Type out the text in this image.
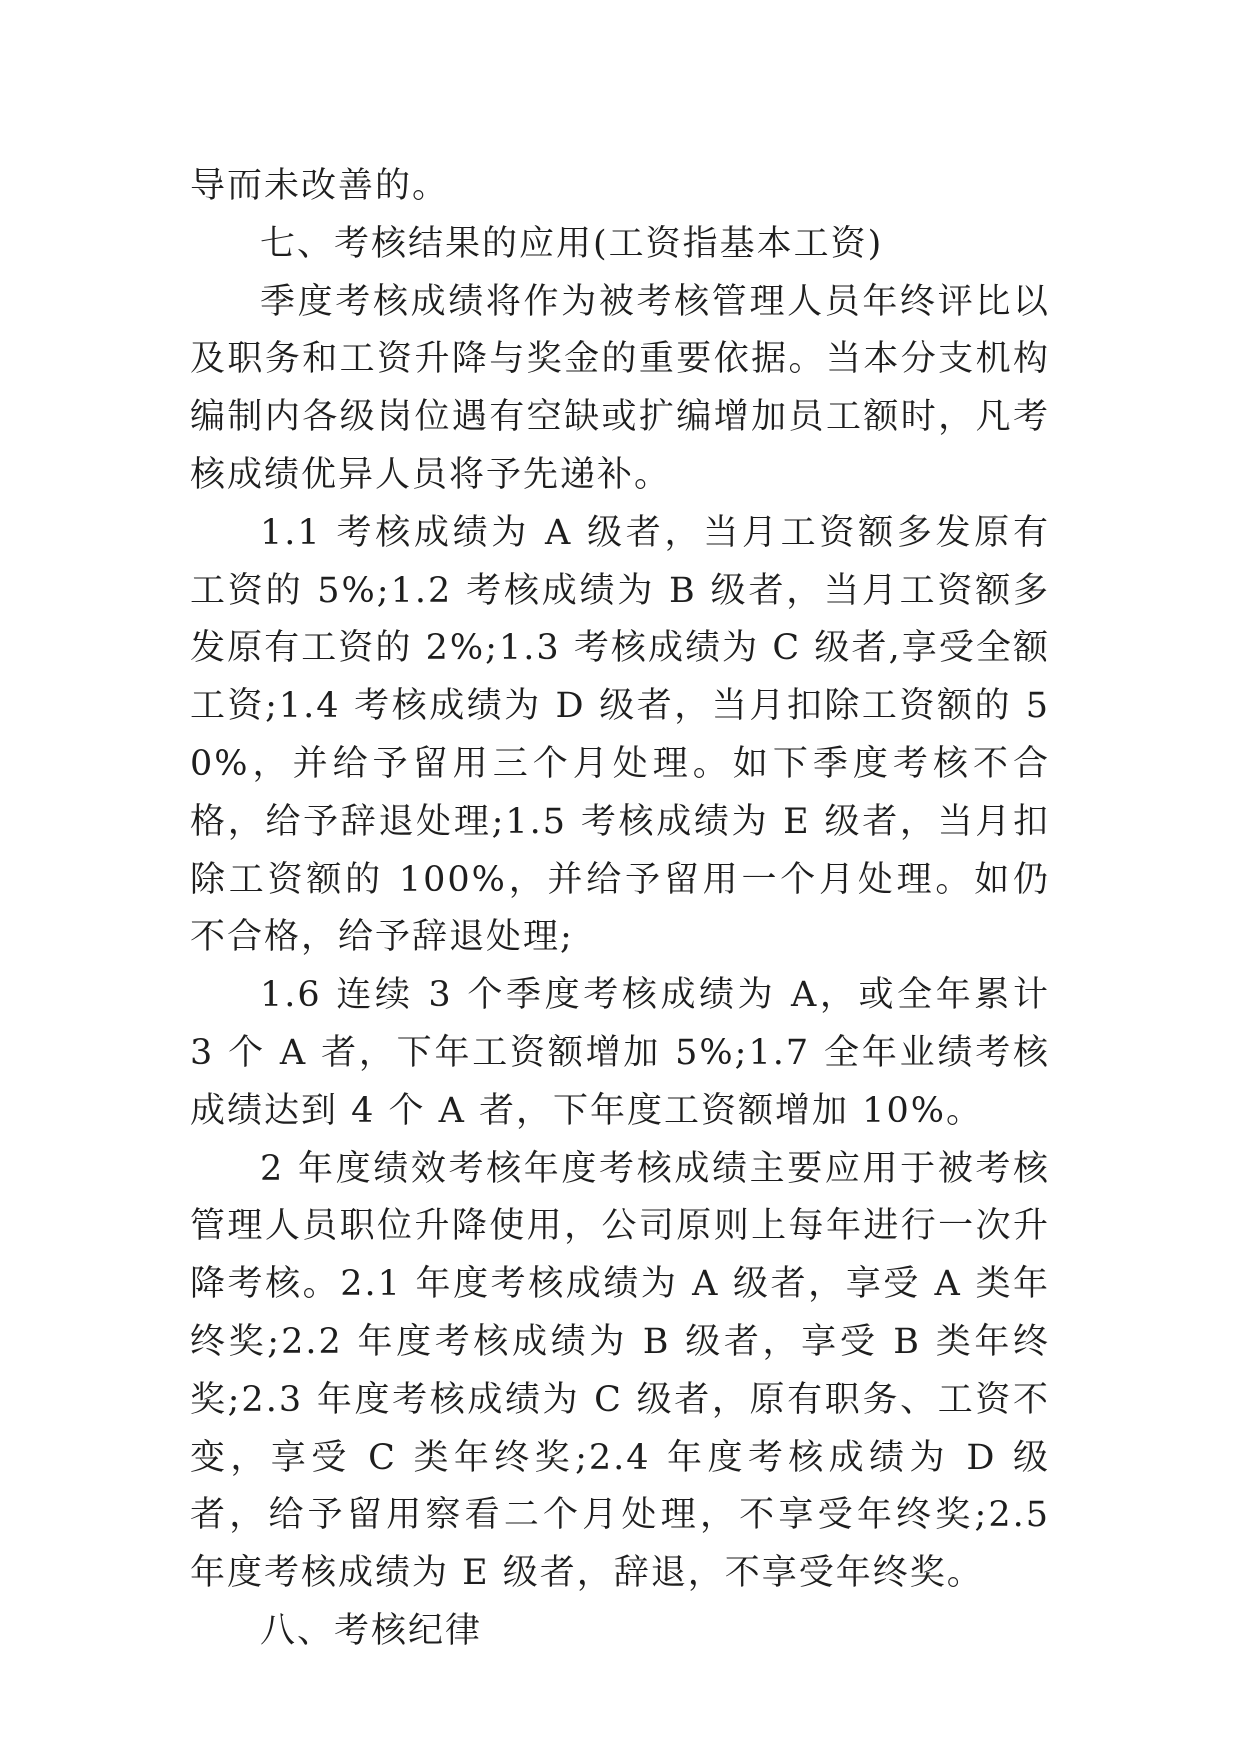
导而未改善的。

七、考核结果的应用(工资指基本工资)

季度考核成绩将作为被考核管理人员年终评比以及职务和工资升降与奖金的重要依据。当本分支机构编制内各级岗位遇有空缺或扩编增加员工额时，凡考核成绩优异人员将予先递补。

1.1 考核成绩为 A 级者，当月工资额多发原有工资的 5%;1.2 考核成绩为 B 级者，当月工资额多发原有工资的 2%;1.3 考核成绩为 C 级者,享受全额工资;1.4 考核成绩为 D 级者，当月扣除工资额的 50%，并给予留用三个月处理。如下季度考核不合格，给予辞退处理;1.5 考核成绩为 E 级者，当月扣除工资额的 100%，并给予留用一个月处理。如仍不合格，给予辞退处理;

1.6 连续 3 个季度考核成绩为 A，或全年累计 3 个 A 者，下年工资额增加 5%;1.7 全年业绩考核成绩达到 4 个 A 者，下年度工资额增加 10%。

2 年度绩效考核年度考核成绩主要应用于被考核管理人员职位升降使用，公司原则上每年进行一次升降考核。2.1 年度考核成绩为 A 级者，享受 A 类年终奖;2.2 年度考核成绩为 B 级者，享受 B 类年终奖;2.3 年度考核成绩为 C 级者，原有职务、工资不变，享受 C 类年终奖;2.4 年度考核成绩为 D 级者，给予留用察看二个月处理，不享受年终奖;2.5 年度考核成绩为 E 级者，辞退，不享受年终奖。

八、考核纪律
